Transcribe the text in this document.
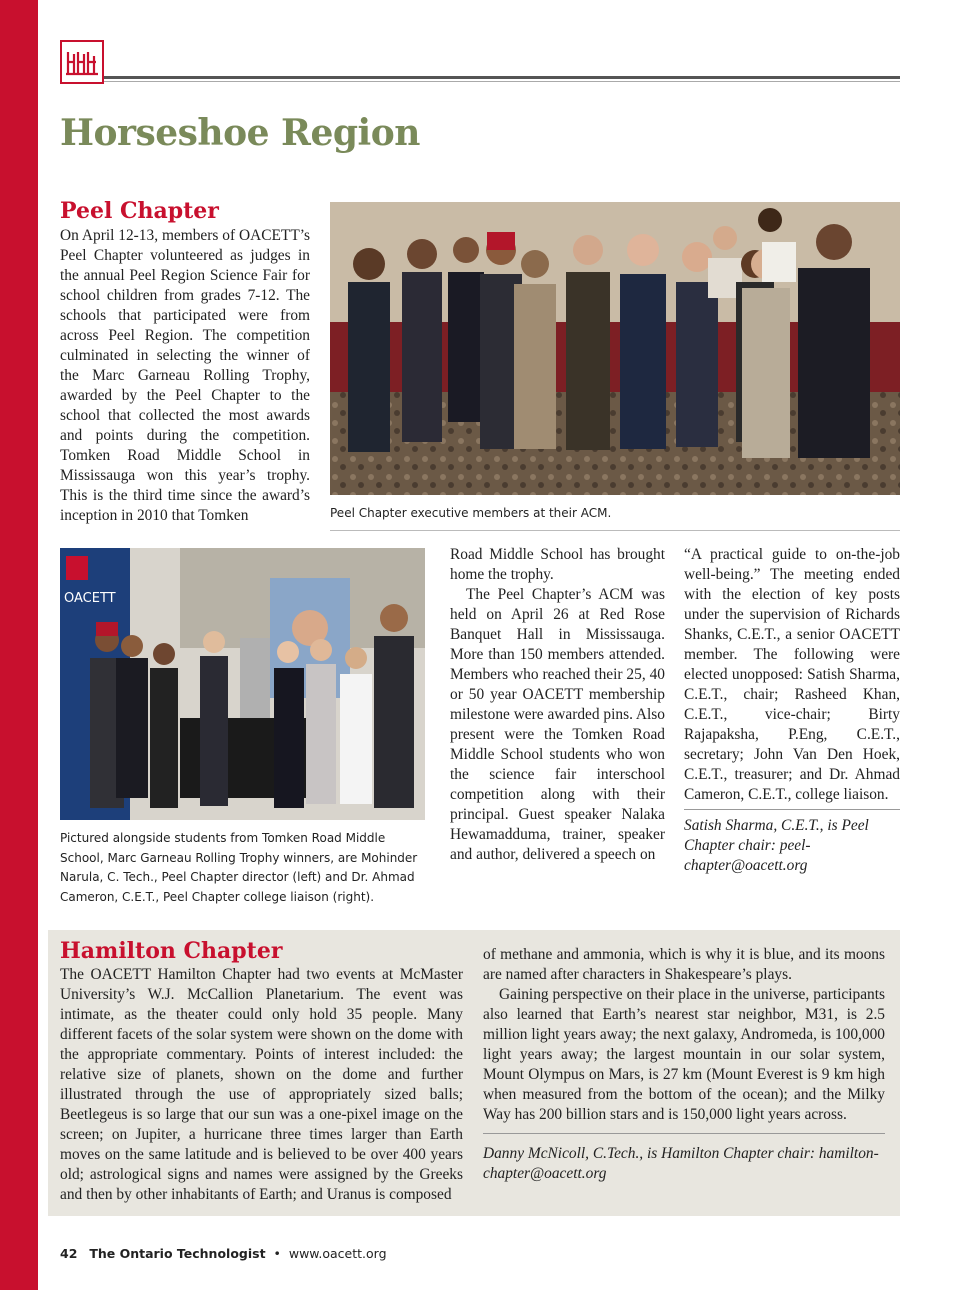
Horseshoe Region
Peel Chapter

On April 12-13, members of OACETT’s Peel Chapter volunteered as judges in the annual Peel Region Science Fair for school children from grades 7-12. The schools that participated were from across Peel Region. The competition culminated in selecting the winner of the Marc Garneau Rolling Trophy, awarded by the Peel Chapter to the school that collected the most awards and points during the competition. Tomken Road Middle School in Mississauga won this year’s trophy. This is the third time since the award’s inception in 2010 that Tomken	Peel Chapter executive members at their ACM.
OACETT
Pictured alongside students from Tomken Road Middle School, Marc Garneau Rolling Trophy winners, are Mohinder Narula, C. Tech., Peel Chapter director (left) and Dr. Ahmad Cameron, C.E.T., Peel Chapter college liaison (right).

Road Middle School has brought home the trophy.

The Peel Chapter’s ACM was held on April 26 at Red Rose Banquet Hall in Mississauga. More than 150 members attended. Members who reached their 25, 40 or 50 year OACETT membership milestone were awarded pins. Also present were the Tomken Road Middle School students who won the science fair interschool competition along with their principal. Guest speaker Nalaka Hewamadduma, trainer, speaker and author, delivered a speech on

“A practical guide to on-the-job well-being.” The meeting ended with the election of key posts under the supervision of Richards Shanks, C.E.T., a senior OACETT member. The following were elected unopposed: Satish Sharma, C.E.T., chair; Rasheed Khan, C.E.T., vice-chair; Birty Rajapaksha, P.Eng, C.E.T., secretary; John Van Den Hoek, C.E.T., treasurer; and Dr. Ahmad Cameron, C.E.T., college liaison.

Satish Sharma, C.E.T., is Peel Chapter chair: peel-chapter@oacett.org

Hamilton Chapter

The OACETT Hamilton Chapter had two events at McMaster University’s W.J. McCallion Planetarium. The event was intimate, as the theater could only hold 35 people. Many different facets of the solar system were shown on the dome with the appropriate commentary. Points of interest included: the relative size of planets, shown on the dome and further illustrated through the use of appropriately sized balls; Beetlegeus is so large that our sun was a one-pixel image on the screen; on Jupiter, a hurricane three times larger than Earth moves on the same latitude and is believed to be over 400 years old; astrological signs and names were assigned by the Greeks and then by other inhabitants of Earth; and Uranus is composed

of methane and ammonia, which is why it is blue, and its moons are named after characters in Shakespeare’s plays.

Gaining perspective on their place in the universe, participants also learned that Earth’s nearest star neighbor, M31, is 2.5 million light years away; the next galaxy, Andromeda, is 100,000 light years away; the largest mountain in our solar system, Mount Olympus on Mars, is 27 km (Mount Everest is 9 km high when measured from the bottom of the ocean); and the Milky Way has 200 billion stars and is 150,000 light years across.

Danny McNicoll, C.Tech., is Hamilton Chapter chair: hamilton-chapter@oacett.org

42 The Ontario Technologist • www.oacett.org
